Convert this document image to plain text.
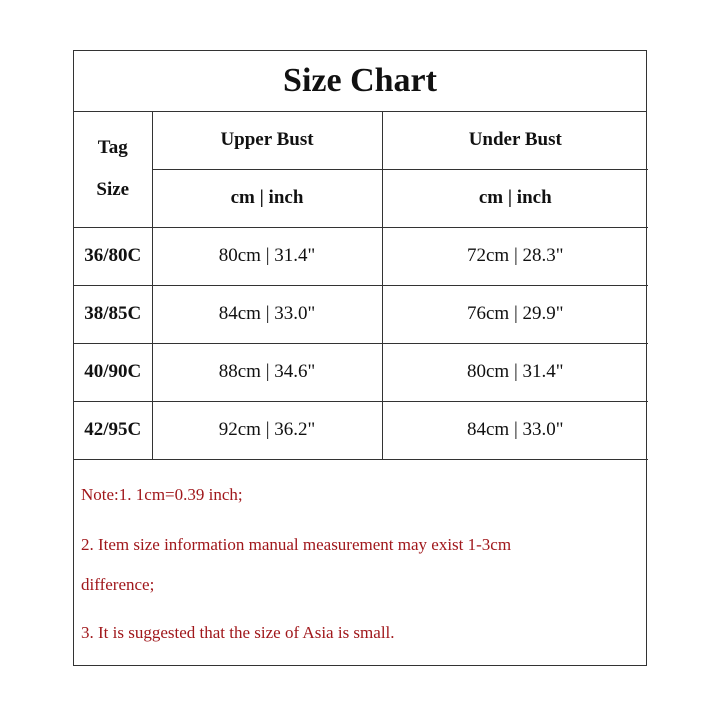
Size Chart
Tag
Size	Upper Bust	Under Bust
	cm | inch	cm | inch
36/80C	80cm | 31.4"	72cm | 28.3"
38/85C	84cm | 33.0"	76cm | 29.9"
40/90C	88cm | 34.6"	80cm | 31.4"
42/95C	92cm | 36.2"	84cm | 33.0"
Note:1. 1cm=0.39 inch;
2. Item size information manual measurement may exist 1-3cm
difference;
3. It is suggested that the size of Asia is small.
